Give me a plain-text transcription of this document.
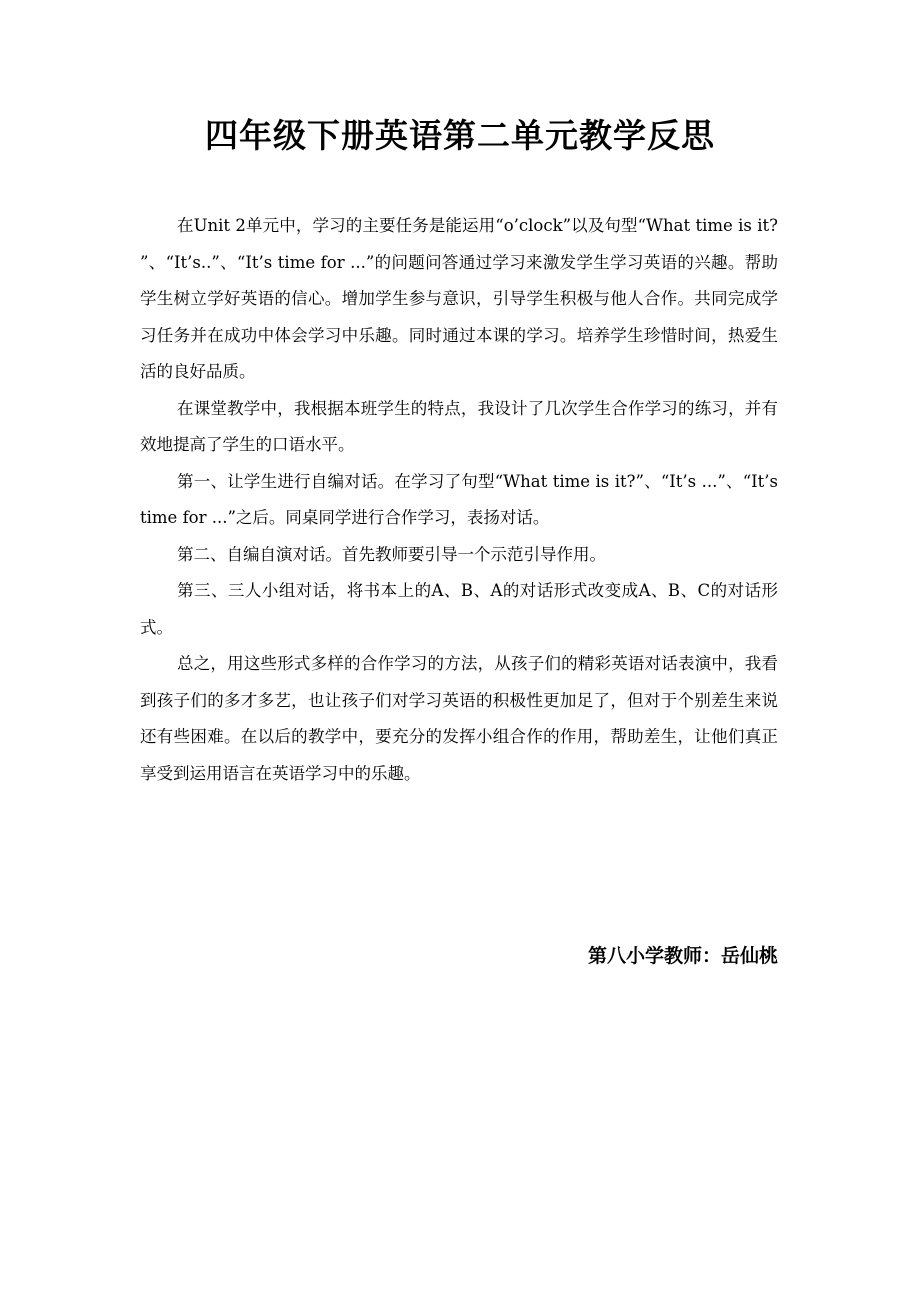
四年级下册英语第二单元教学反思

在Unit 2单元中，学习的主要任务是能运用“o’clock”以及句型“What time is it? ”、“It’s..”、“It’s time for ...”的问题问答通过学习来激发学生学习英语的兴趣。帮助学生树立学好英语的信心。增加学生参与意识，引导学生积极与他人合作。共同完成学习任务并在成功中体会学习中乐趣。同时通过本课的学习。培养学生珍惜时间，热爱生活的良好品质。

在课堂教学中，我根据本班学生的特点，我设计了几次学生合作学习的练习，并有效地提高了学生的口语水平。

第一、让学生进行自编对话。在学习了句型“What time is it?”、“It’s ...”、“It’s time for ...”之后。同桌同学进行合作学习，表扬对话。

第二、自编自演对话。首先教师要引导一个示范引导作用。

第三、三人小组对话，将书本上的A、B、A的对话形式改变成A、B、C的对话形式。

总之，用这些形式多样的合作学习的方法，从孩子们的精彩英语对话表演中，我看到孩子们的多才多艺，也让孩子们对学习英语的积极性更加足了，但对于个别差生来说还有些困难。在以后的教学中，要充分的发挥小组合作的作用，帮助差生，让他们真正享受到运用语言在英语学习中的乐趣。

第八小学教师：岳仙桃
